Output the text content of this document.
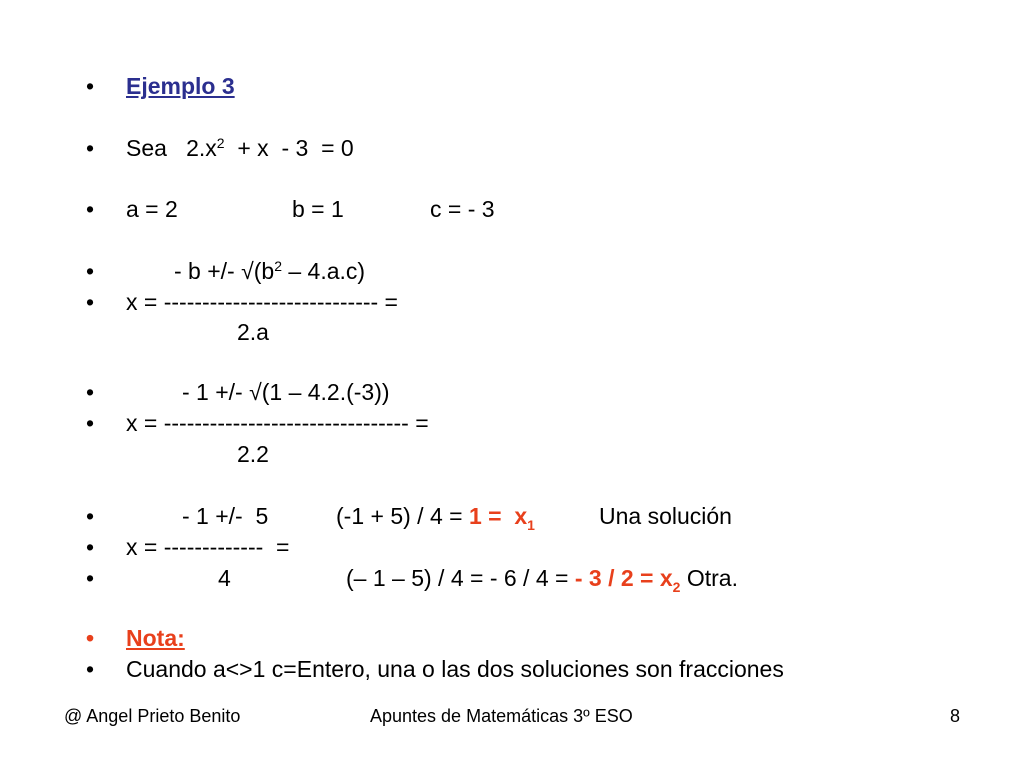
•

	Ejemplo 3

•

	Sea   $2.x^2 + x - 3 = 0$

•

	a = 2

	b = 1

	c = - 3

•

	- b +/- $√(b^2 - 4.a.c)$

•

	x = ---------------------------- =

2.a

•

	- 1 +/- √(1 – 4.2.(-3))

•

	x = -------------------------------- =

2.2

•

	- 1 +/-  5

	$(-1 + 5) / 4 = 1 = x_1$

	Una solución

•

	x = -------------  =

•

	4

	(– 1 – 5) / 4 = - 6 / 4 = - $3 / 2 = x_2$ Otra.

•

	Nota:

•

	Cuando a<>1 c=Entero, una o las dos soluciones son fracciones

@ Angel Prieto Benito	Apuntes de Matemáticas 3º ESO	8
